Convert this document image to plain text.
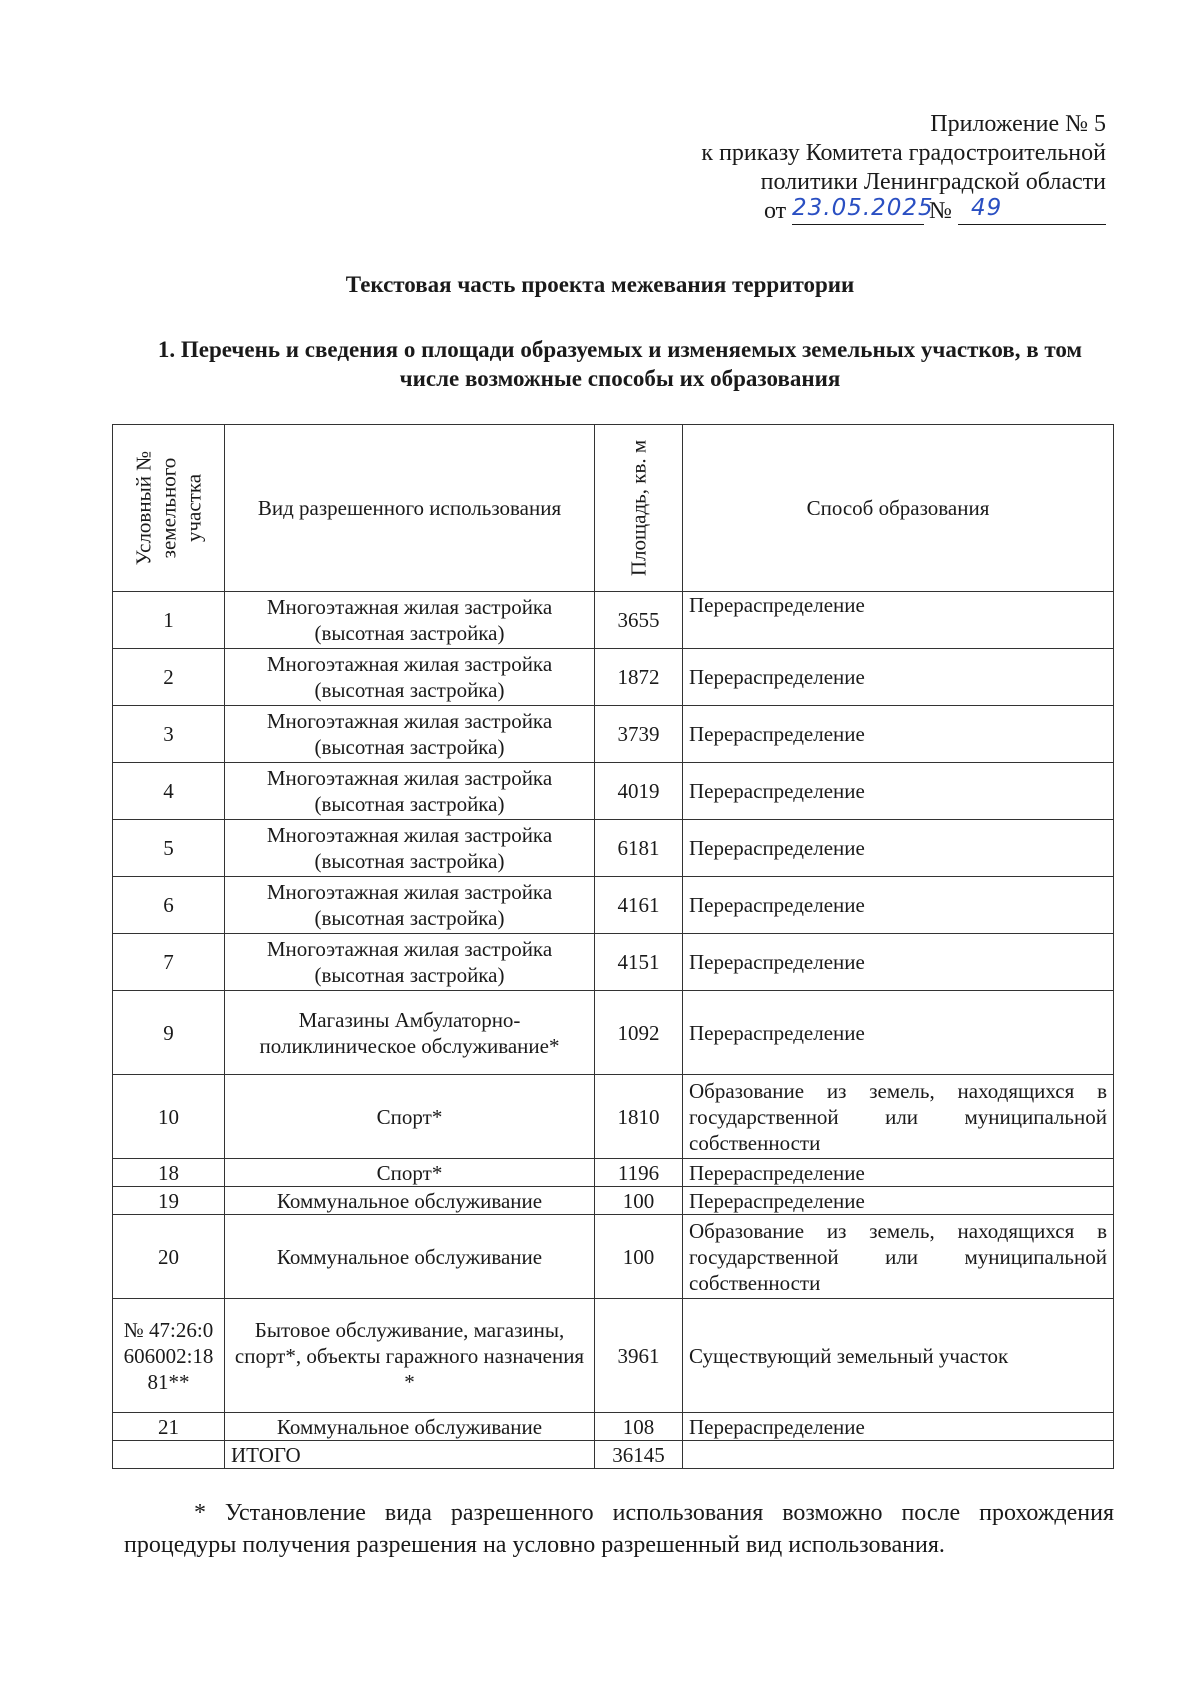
Приложение № 5
к приказу Комитета градостроительной
политики Ленинградской области
от 23.05.2025
№ 49
Текстовая часть проекта межевания территории
1. Перечень и сведения о площади образуемых и изменяемых земельных участков, в том числе возможные способы их образования
Условный № земельного участка	Вид разрешенного использования	Площадь, кв. м	Способ образования
1	Многоэтажная жилая застройка (высотная застройка)	3655	Перераспределение
2	Многоэтажная жилая застройка (высотная застройка)	1872	Перераспределение
3	Многоэтажная жилая застройка (высотная застройка)	3739	Перераспределение
4	Многоэтажная жилая застройка (высотная застройка)	4019	Перераспределение
5	Многоэтажная жилая застройка (высотная застройка)	6181	Перераспределение
6	Многоэтажная жилая застройка (высотная застройка)	4161	Перераспределение
7	Многоэтажная жилая застройка (высотная застройка)	4151	Перераспределение
9	Магазины Амбулаторно-поликлиническое обслуживание*	1092	Перераспределение
10	Спорт*	1810	Образование из земель, находящихся в государственной или муниципальной собственности
18	Спорт*	1196	Перераспределение
19	Коммунальное обслуживание	100	Перераспределение
20	Коммунальное обслуживание	100	Образование из земель, находящихся в государственной или муниципальной собственности
№ 47:26:0606002:1881**	Бытовое обслуживание, магазины, спорт*, объекты гаражного назначения *	3961	Существующий земельный участок
21	Коммунальное обслуживание	108	Перераспределение
	ИТОГО	36145	
* Установление вида разрешенного использования возможно после прохождения процедуры получения разрешения на условно разрешенный вид использования.
